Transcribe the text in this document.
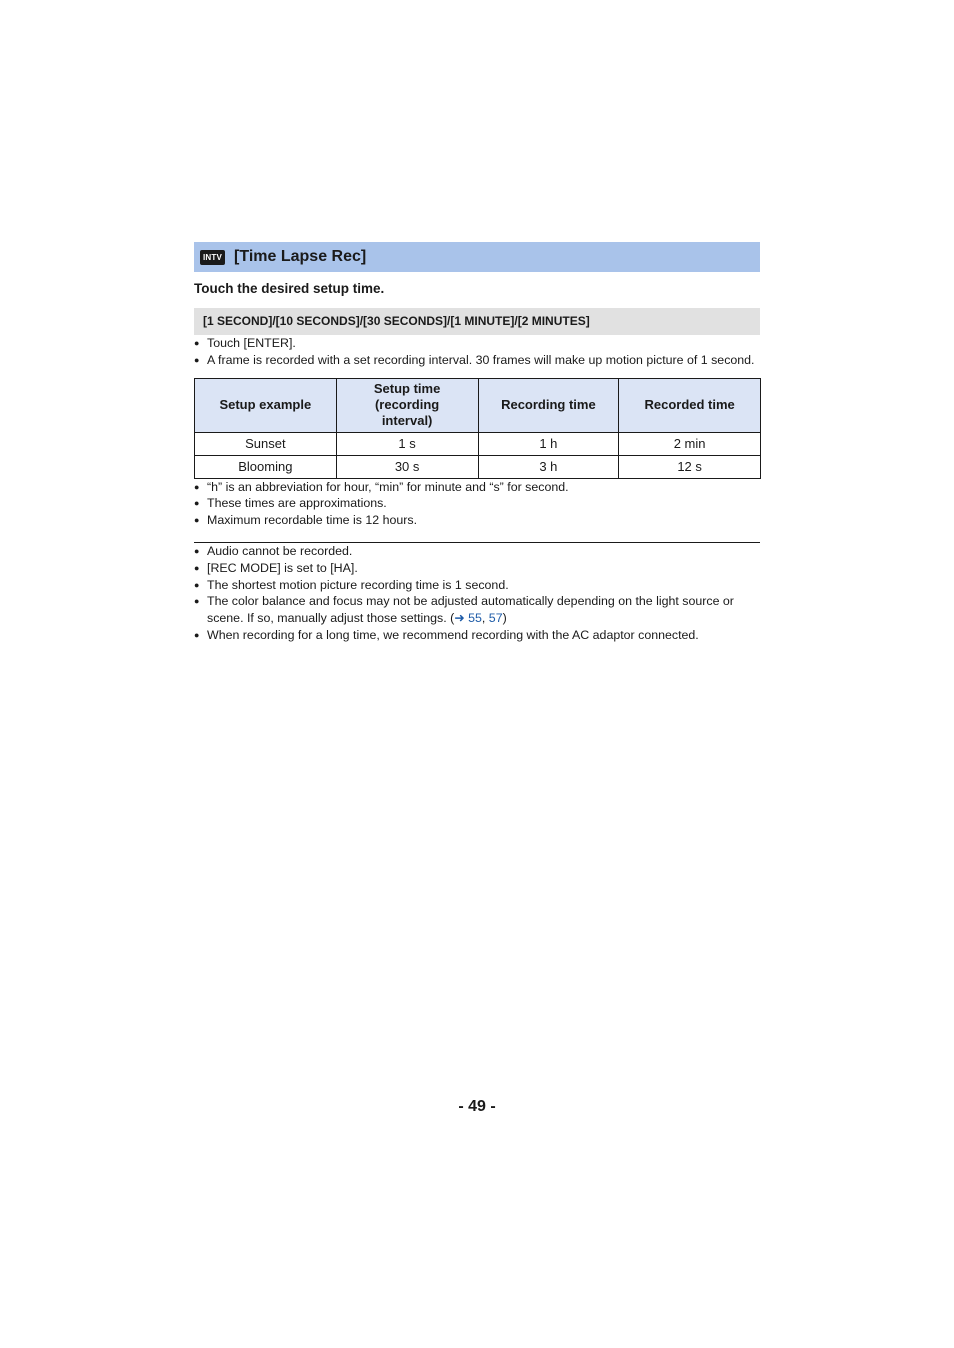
INTV [Time Lapse Rec]
Touch the desired setup time.
[1 SECOND]/[10 SECONDS]/[30 SECONDS]/[1 MINUTE]/[2 MINUTES]
● Touch [ENTER].
● A frame is recorded with a set recording interval. 30 frames will make up motion picture of 1 second.
Setup example	Setup time (recording interval)	Recording time	Recorded time
Sunset	1 s	1 h	2 min
Blooming	30 s	3 h	12 s
● “h” is an abbreviation for hour, “min” for minute and “s” for second.
● These times are approximations.
● Maximum recordable time is 12 hours.
● Audio cannot be recorded.
● [REC MODE] is set to [HA].
● The shortest motion picture recording time is 1 second.
● The color balance and focus may not be adjusted automatically depending on the light source or scene. If so, manually adjust those settings. (➜ 55, 57)
● When recording for a long time, we recommend recording with the AC adaptor connected.
- 49 -
